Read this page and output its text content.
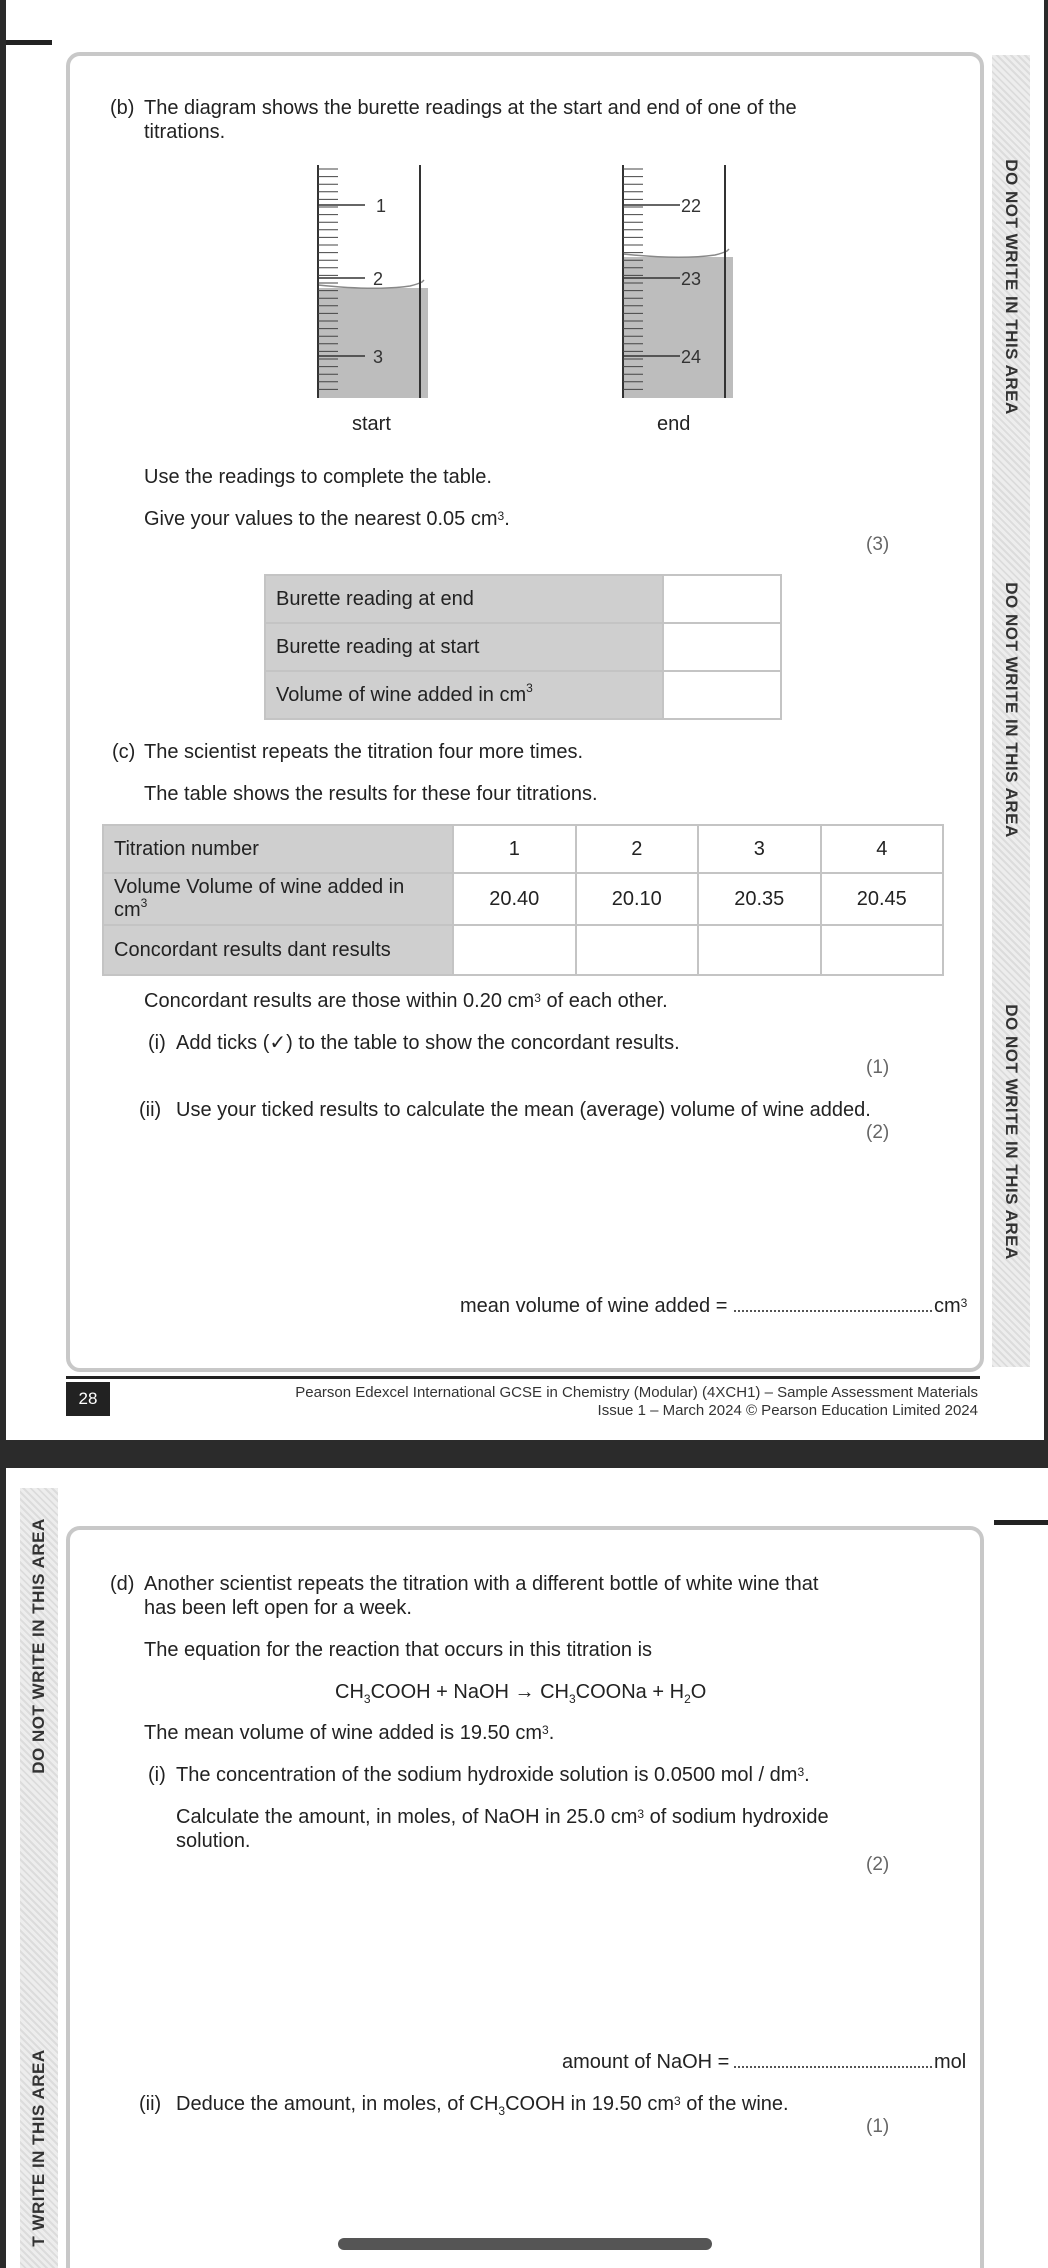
DO NOT WRITE IN THIS AREA
DO NOT WRITE IN THIS AREA
DO NOT WRITE IN THIS AREA
(b) The diagram shows the burette readings at the start and end of one of the
titrations.
1
2
3
start
22
23
24
end
Use the readings to complete the table.
Give your values to the nearest 0.05 $cm^3$.
(3)
Burette reading at end	
Burette reading at start	
Volume of wine added in $cm^3$	
(c) The scientist repeats the titration four more times.
The table shows the results for these four titrations.
Titration number	1	2	3	4
Volume Volume of wine added in $cm^3$	20.40	20.10	20.35	20.45
Concordant results dant results				
Concordant results are those within 0.20 $cm^3$ of each other.
(i) Add ticks (✓) to the table to show the concordant results.
(1)
(ii) Use your ticked results to calculate the mean (average) volume of wine added.
(2)
mean volume of wine added =	$cm^3$
28	Pearson Edexcel International GCSE in Chemistry (Modular) (4XCH1) – Sample Assessment Materials
Issue 1 – March 2024 © Pearson Education Limited 2024
DO NOT WRITE IN THIS AREA
T WRITE IN THIS AREA
(d) Another scientist repeats the titration with a different bottle of white wine that
has been left open for a week.
The equation for the reaction that occurs in this titration is
$CH_3COOH$ + NaOH → $CH_3COONa + H_2O$
The mean volume of wine added is 19.50 $cm^3$.
(i) The concentration of the sodium hydroxide solution is 0.0500 mol / $dm^3$.
Calculate the amount, in moles, of NaOH in 25.0 $cm^3$ of sodium hydroxide
solution.
(2)
amount of NaOH =	mol
(ii) Deduce the amount, in moles, of $CH_3COOH$ in 19.50 $cm^3$ of the wine.
(1)
